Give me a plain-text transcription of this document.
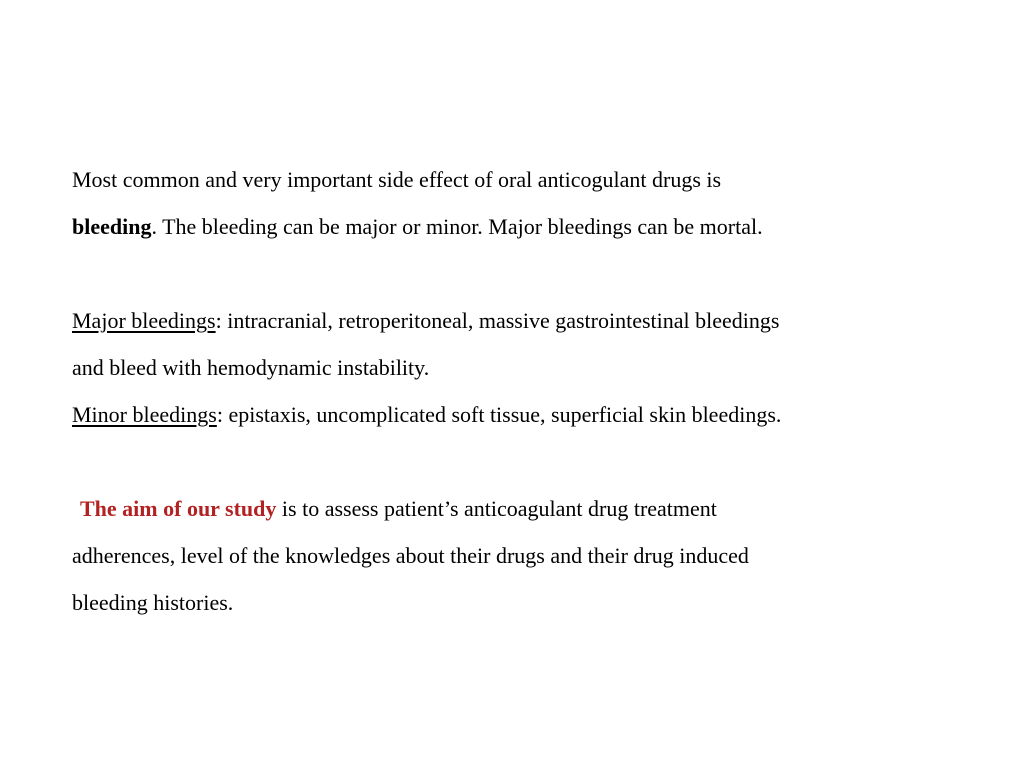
Most common and very important side effect of oral anticogulant drugs is
bleeding. The bleeding can be major or minor. Major bleedings can be mortal.
Major bleedings: intracranial, retroperitoneal, massive gastrointestinal bleedings
and bleed with hemodynamic instability.
Minor bleedings: epistaxis, uncomplicated soft tissue, superficial skin bleedings.
The aim of our study is to assess patient’s anticoagulant drug treatment
adherences, level of the knowledges about their drugs and their drug induced
bleeding histories.
